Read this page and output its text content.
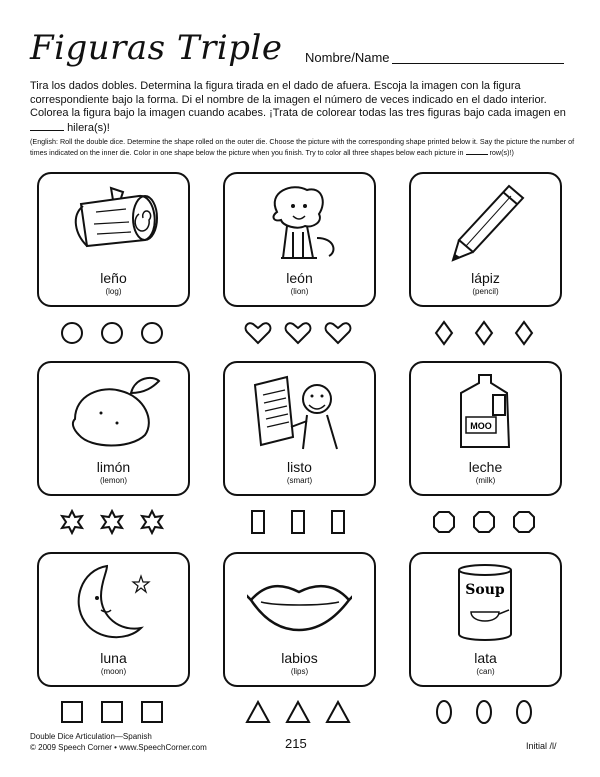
Figuras Triple Nombre/Name
Tira los dados dobles. Determina la figura tirada en el dado de afuera. Escoja la imagen con la figura correspondiente bajo la forma. Di el nombre de la imagen el número de veces indicado en el dado interior. Colorea la figura bajo la imagen cuando acabes. ¡Trata de colorear todas las tres figuras bajo cada imagen en  hilera(s)!
(English: Roll the double dice. Determine the shape rolled on the outer die. Choose the picture with the corresponding shape printed below it. Say the picture the number of times indicated on the inner die. Color in one shape below the picture when you finish. Try to color all three shapes below each picture in	row(s)!)
leño
(log)
león
(lion)
lápiz
(pencil)
limón
(lemon)
listo
(smart)
MOO
leche
(milk)
luna
(moon)
labios
(lips)
Soup
lata
(can)
Double Dice Articulation—Spanish
© 2009 Speech Corner • www.SpeechCorner.com	215	Initial /l/
